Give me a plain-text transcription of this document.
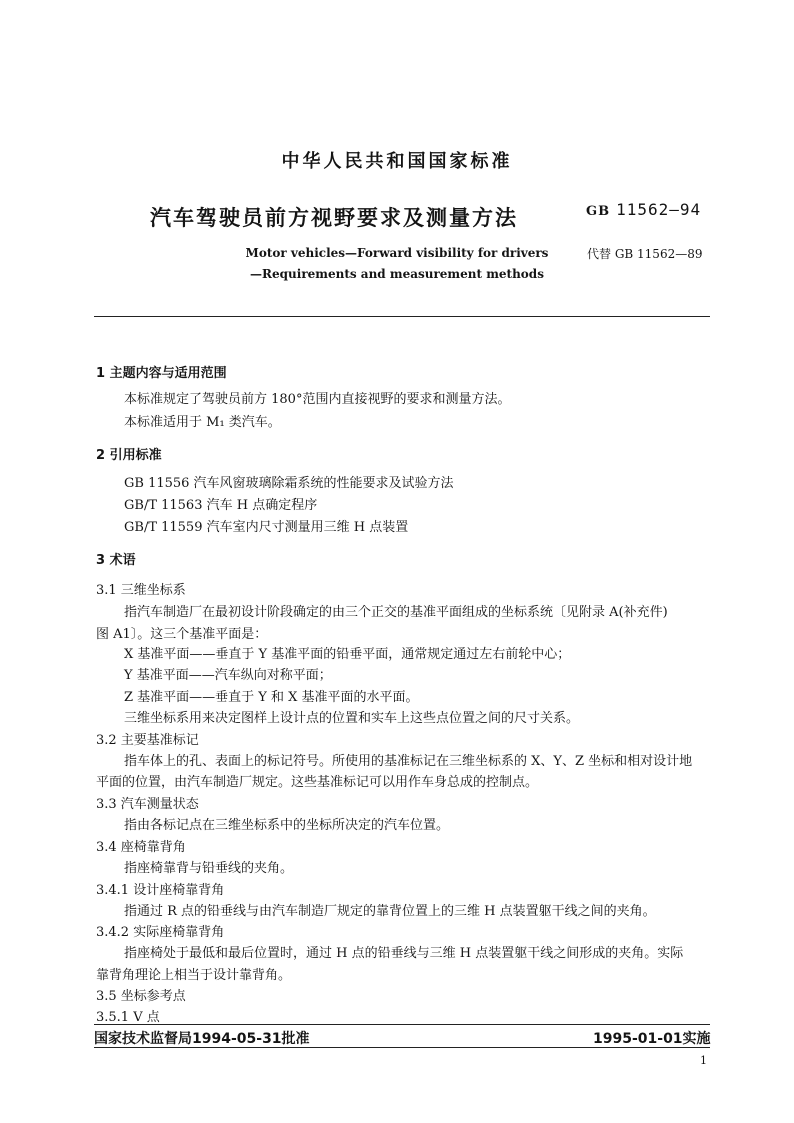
中华人民共和国国家标准
汽车驾驶员前方视野要求及测量方法	GB 11562—94
Motor vehicles—Forward visibility for drivers
—Requirements and measurement methods
代替 GB 11562—89
1 主题内容与适用范围
本标准规定了驾驶员前方 180°范围内直接视野的要求和测量方法。
本标准适用于 M₁ 类汽车。
2 引用标准
GB 11556 汽车风窗玻璃除霜系统的性能要求及试验方法
GB/T 11563 汽车 H 点确定程序
GB/T 11559 汽车室内尺寸测量用三维 H 点装置
3 术语
3.1 三维坐标系
指汽车制造厂在最初设计阶段确定的由三个正交的基准平面组成的坐标系统〔见附录 A(补充件)
图 A1〕。这三个基准平面是：
X 基准平面——垂直于 Y 基准平面的铅垂平面，通常规定通过左右前轮中心；
Y 基准平面——汽车纵向对称平面；
Z 基准平面——垂直于 Y 和 X 基准平面的水平面。
三维坐标系用来决定图样上设计点的位置和实车上这些点位置之间的尺寸关系。
3.2 主要基准标记
指车体上的孔、表面上的标记符号。所使用的基准标记在三维坐标系的 X、Y、Z 坐标和相对设计地
平面的位置，由汽车制造厂规定。这些基准标记可以用作车身总成的控制点。
3.3 汽车测量状态
指由各标记点在三维坐标系中的坐标所决定的汽车位置。
3.4 座椅靠背角
指座椅靠背与铅垂线的夹角。
3.4.1 设计座椅靠背角
指通过 R 点的铅垂线与由汽车制造厂规定的靠背位置上的三维 H 点装置躯干线之间的夹角。
3.4.2 实际座椅靠背角
指座椅处于最低和最后位置时，通过 H 点的铅垂线与三维 H 点装置躯干线之间形成的夹角。实际
靠背角理论上相当于设计靠背角。
3.5 坐标参考点
3.5.1 V 点
国家技术监督局1994-05-31批准	1995-01-01实施
1
